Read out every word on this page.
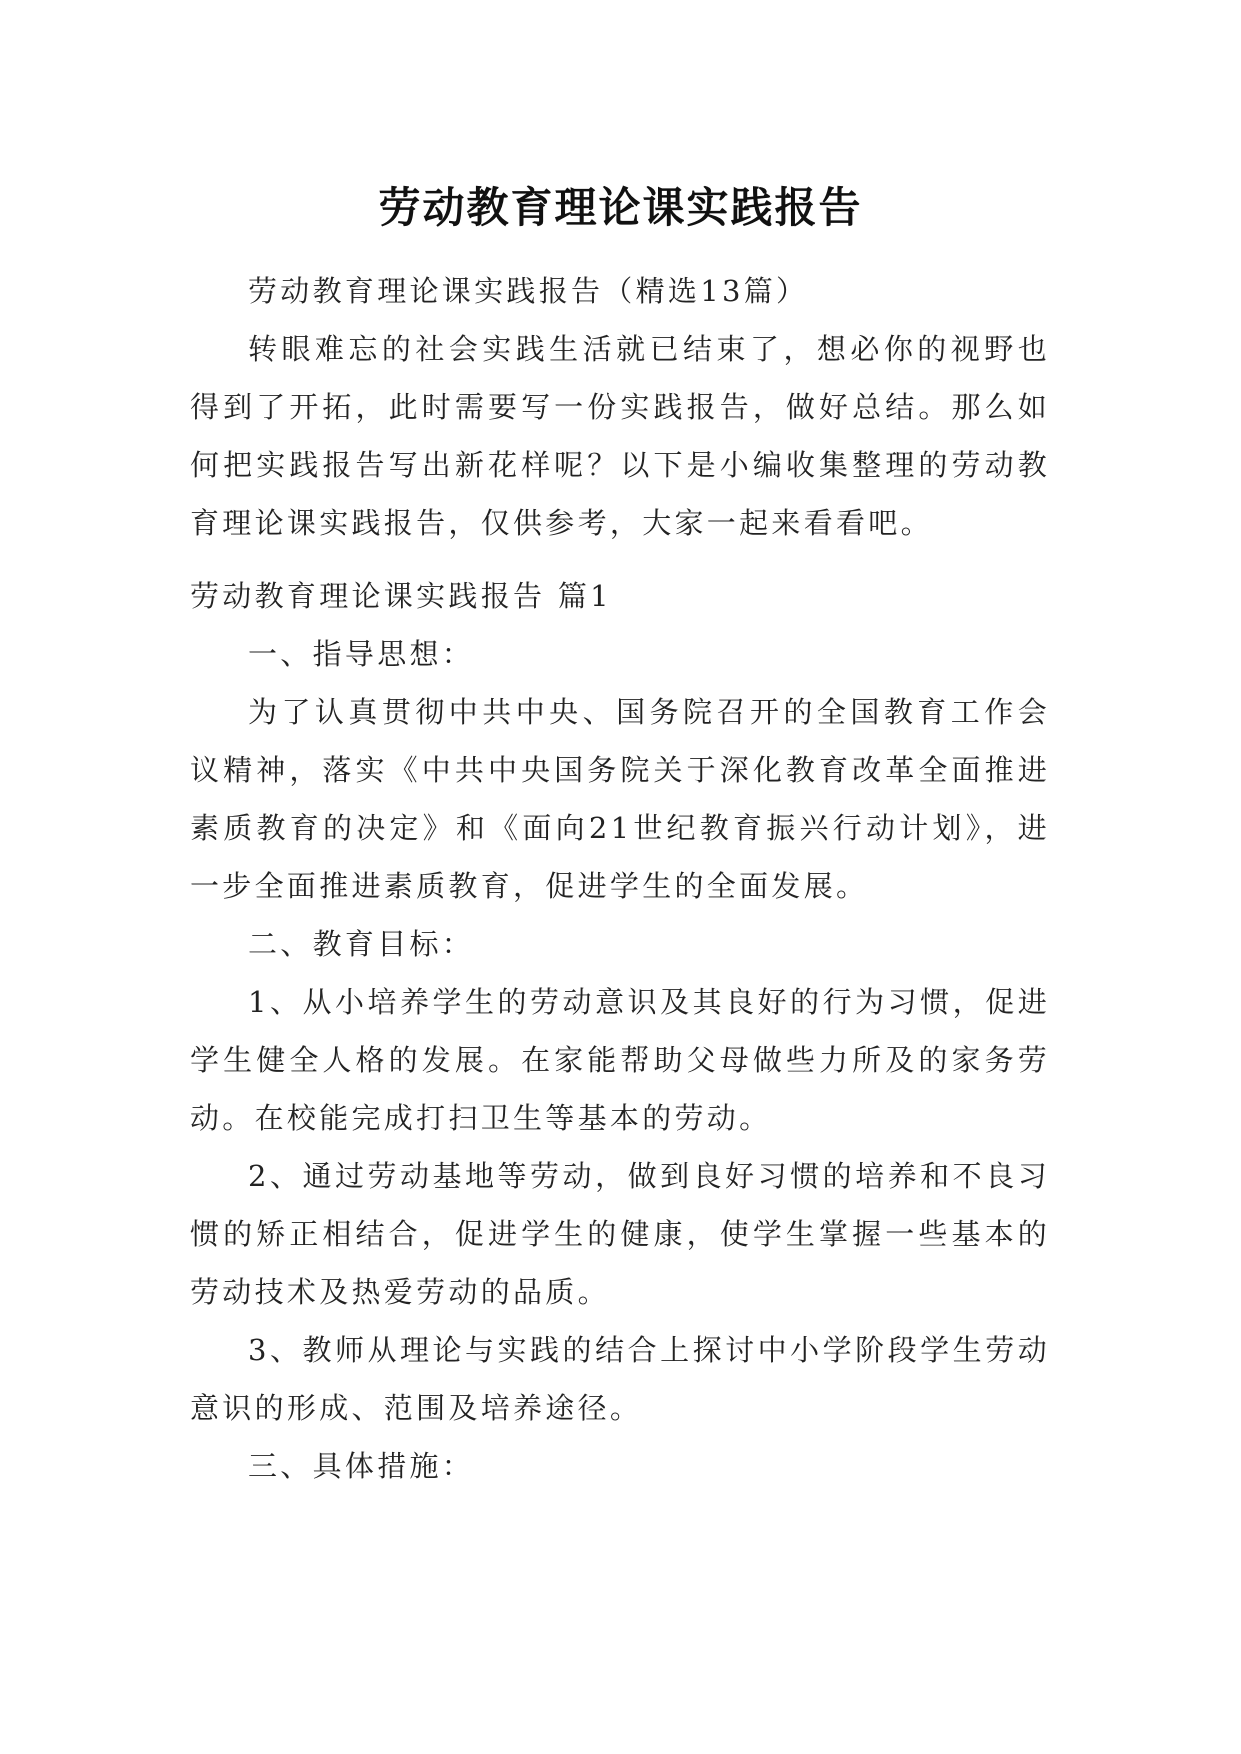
劳动教育理论课实践报告

劳动教育理论课实践报告（精选13篇）

转眼难忘的社会实践生活就已结束了，想必你的视野也得到了开拓，此时需要写一份实践报告，做好总结。那么如何把实践报告写出新花样呢？以下是小编收集整理的劳动教育理论课实践报告，仅供参考，大家一起来看看吧。

劳动教育理论课实践报告 篇1

一、指导思想：

为了认真贯彻中共中央、国务院召开的全国教育工作会议精神，落实《中共中央国务院关于深化教育改革全面推进素质教育的决定》和《面向21世纪教育振兴行动计划》，进一步全面推进素质教育，促进学生的全面发展。

二、教育目标：

1、从小培养学生的劳动意识及其良好的行为习惯，促进学生健全人格的发展。在家能帮助父母做些力所及的家务劳动。在校能完成打扫卫生等基本的劳动。

2、通过劳动基地等劳动，做到良好习惯的培养和不良习惯的矫正相结合，促进学生的健康，使学生掌握一些基本的劳动技术及热爱劳动的品质。

3、教师从理论与实践的结合上探讨中小学阶段学生劳动意识的形成、范围及培养途径。

三、具体措施：
